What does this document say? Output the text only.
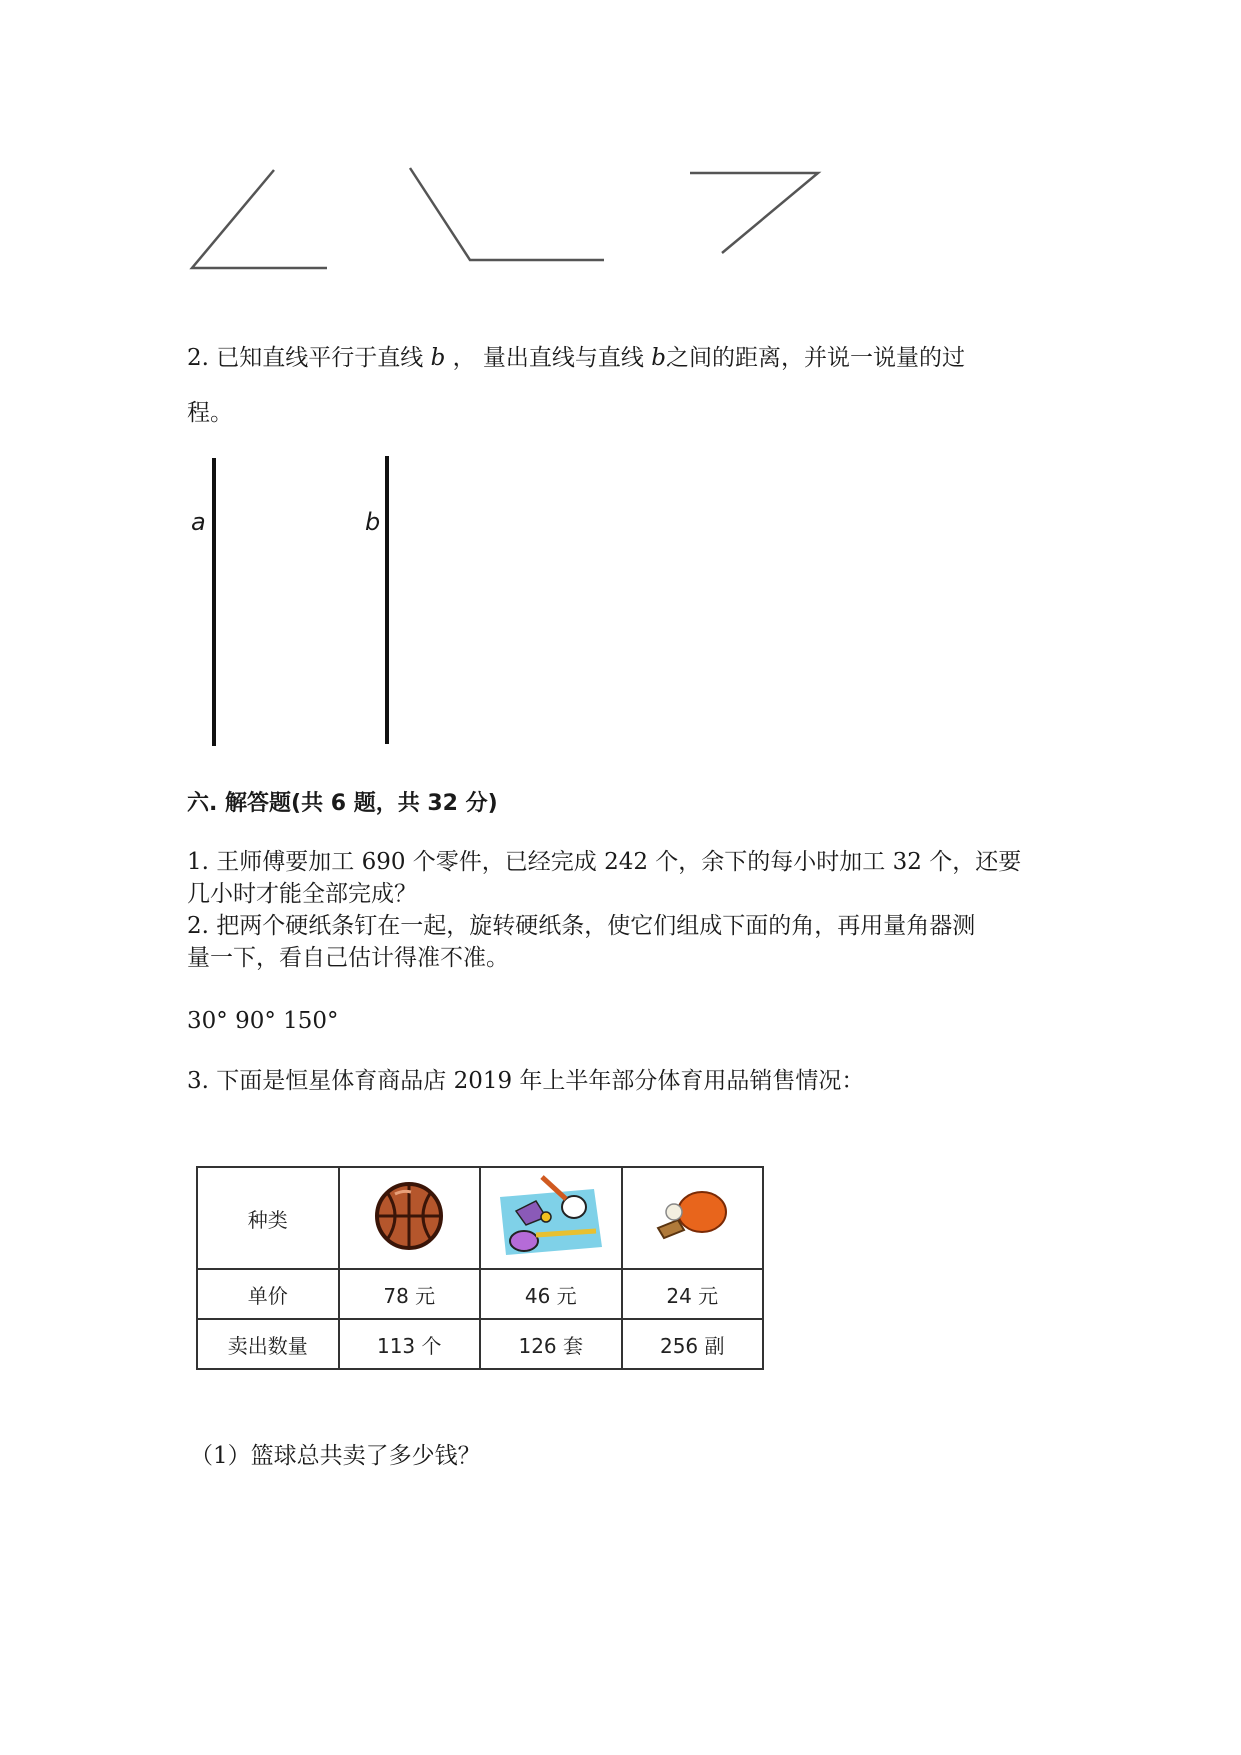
2. 已知直线平行于直线 b ， 量出直线与直线 b之间的距离，并说一说量的过
程。
a	b
六. 解答题(共 6 题，共 32 分)
1. 王师傅要加工 690 个零件，已经完成 242 个，余下的每小时加工 32 个，还要
几小时才能全部完成？
2. 把两个硬纸条钉在一起，旋转硬纸条，使它们组成下面的角，再用量角器测
量一下，看自己估计得准不准。
30° 90° 150°
3. 下面是恒星体育商品店 2019 年上半年部分体育用品销售情况：
种类			
单价	78 元	46 元	24 元
卖出数量	113 个	126 套	256 副
（1）篮球总共卖了多少钱？
